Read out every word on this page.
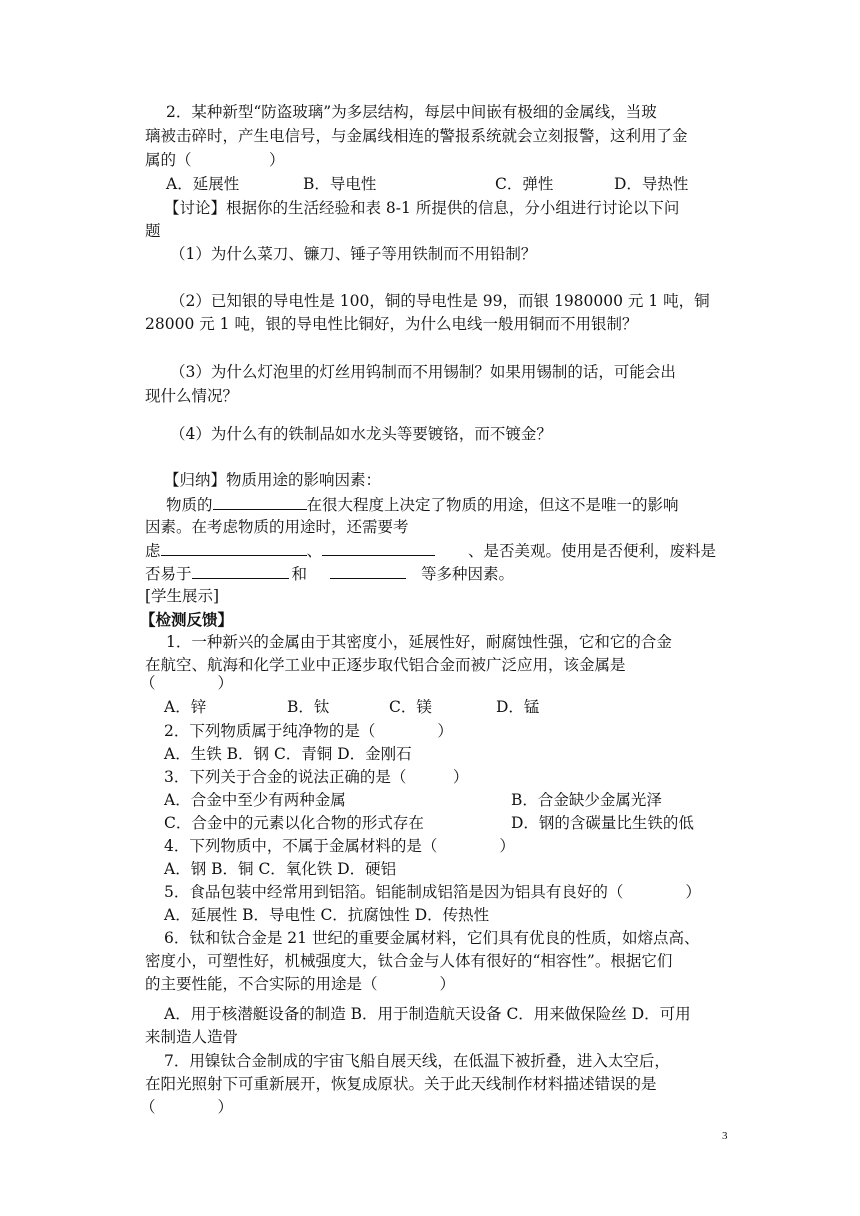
2．某种新型“防盗玻璃”为多层结构，每层中间嵌有极细的金属线，当玻
璃被击碎时，产生电信号，与金属线相连的警报系统就会立刻报警，这利用了金
属的（　　　　　）
A．延展性	B．导电性	C．弹性	D．导热性
【讨论】根据你的生活经验和表 8-1 所提供的信息，分小组进行讨论以下问
题
（1）为什么菜刀、镰刀、锤子等用铁制而不用铅制？
（2）已知银的导电性是 100，铜的导电性是 99，而银 1980000 元 1 吨，铜
28000 元 1 吨，银的导电性比铜好，为什么电线一般用铜而不用银制？
（3）为什么灯泡里的灯丝用钨制而不用锡制？如果用锡制的话，可能会出
现什么情况？
（4）为什么有的铁制品如水龙头等要镀铬，而不镀金？
【归纳】物质用途的影响因素：
物质的	在很大程度上决定了物质的用途，但这不是唯一的影响
因素。在考虑物质的用途时，还需要考
虑	、	、是否美观。使用是否便利，废料是
否易于	和	等多种因素。
[学生展示]
【检测反馈】
1．一种新兴的金属由于其密度小，延展性好，耐腐蚀性强，它和它的合金
在航空、航海和化学工业中正逐步取代铝合金而被广泛应用，该金属是
（　　　　）
A．锌	B．钛	C．镁	D．锰
2．下列物质属于纯净物的是（　　　　）
A．生铁 B．钢 C．青铜 D．金刚石
3．下列关于合金的说法正确的是（　　　）
A．合金中至少有两种金属	B．合金缺少金属光泽
C．合金中的元素以化合物的形式存在	D．钢的含碳量比生铁的低
4．下列物质中，不属于金属材料的是（　　　　）
A．钢 B．铜 C．氧化铁 D．硬铝
5．食品包装中经常用到铝箔。铝能制成铝箔是因为铝具有良好的（　　　　）
A．延展性 B．导电性 C．抗腐蚀性 D．传热性
6．钛和钛合金是 21 世纪的重要金属材料，它们具有优良的性质，如熔点高、
密度小，可塑性好，机械强度大，钛合金与人体有很好的“相容性”。根据它们
的主要性能，不合实际的用途是（　　　　）
A．用于核潜艇设备的制造 B．用于制造航天设备 C．用来做保险丝 D．可用
来制造人造骨
7．用镍钛合金制成的宇宙飞船自展天线，在低温下被折叠，进入太空后，
在阳光照射下可重新展开，恢复成原状。关于此天线制作材料描述错误的是
（　　　　）
3
